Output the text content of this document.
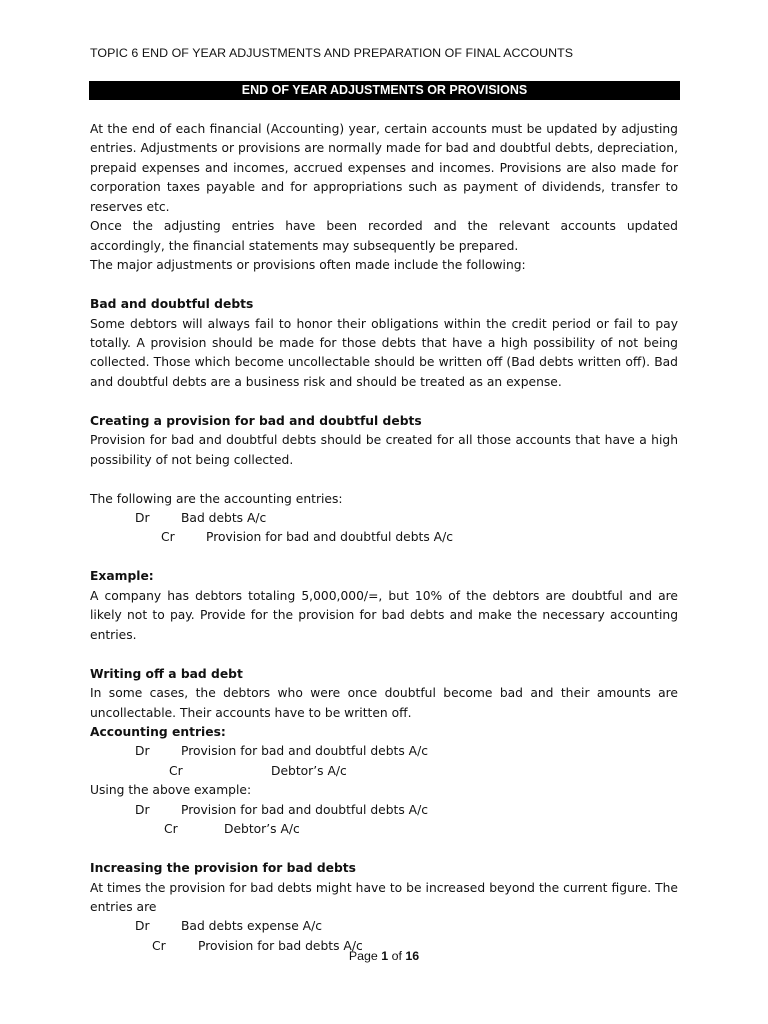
TOPIC 6 END OF YEAR ADJUSTMENTS AND PREPARATION OF FINAL ACCOUNTS
END OF YEAR ADJUSTMENTS OR PROVISIONS

At the end of each financial (Accounting) year, certain accounts must be updated by adjusting entries. Adjustments or provisions are normally made for bad and doubtful debts, depreciation, prepaid expenses and incomes, accrued expenses and incomes. Provisions are also made for corporation taxes payable and for appropriations such as payment of dividends, transfer to reserves etc.

Once the adjusting entries have been recorded and the relevant accounts updated accordingly, the financial statements may subsequently be prepared.

The major adjustments or provisions often made include the following:

Bad and doubtful debts

Some debtors will always fail to honor their obligations within the credit period or fail to pay totally. A provision should be made for those debts that have a high possibility of not being collected. Those which become uncollectable should be written off (Bad debts written off). Bad and doubtful debts are a business risk and should be treated as an expense.

Creating a provision for bad and doubtful debts

Provision for bad and doubtful debts should be created for all those accounts that have a high possibility of not being collected.

The following are the accounting entries:

Dr	Bad debts A/c
Cr	Provision for bad and doubtful debts A/c

Example:

A company has debtors totaling 5,000,000/=, but 10% of the debtors are doubtful and are likely not to pay. Provide for the provision for bad debts and make the necessary accounting entries.

Writing off a bad debt

In some cases, the debtors who were once doubtful become bad and their amounts are uncollectable. Their accounts have to be written off.

Accounting entries:

Dr	Provision for bad and doubtful debts A/c
Cr	Debtor’s A/c

Using the above example:

Dr	Provision for bad and doubtful debts A/c
Cr	Debtor’s A/c

Increasing the provision for bad debts

At times the provision for bad debts might have to be increased beyond the current figure. The entries are

Dr	Bad debts expense A/c
Cr	Provision for bad debts A/c
Page 1 of 16
